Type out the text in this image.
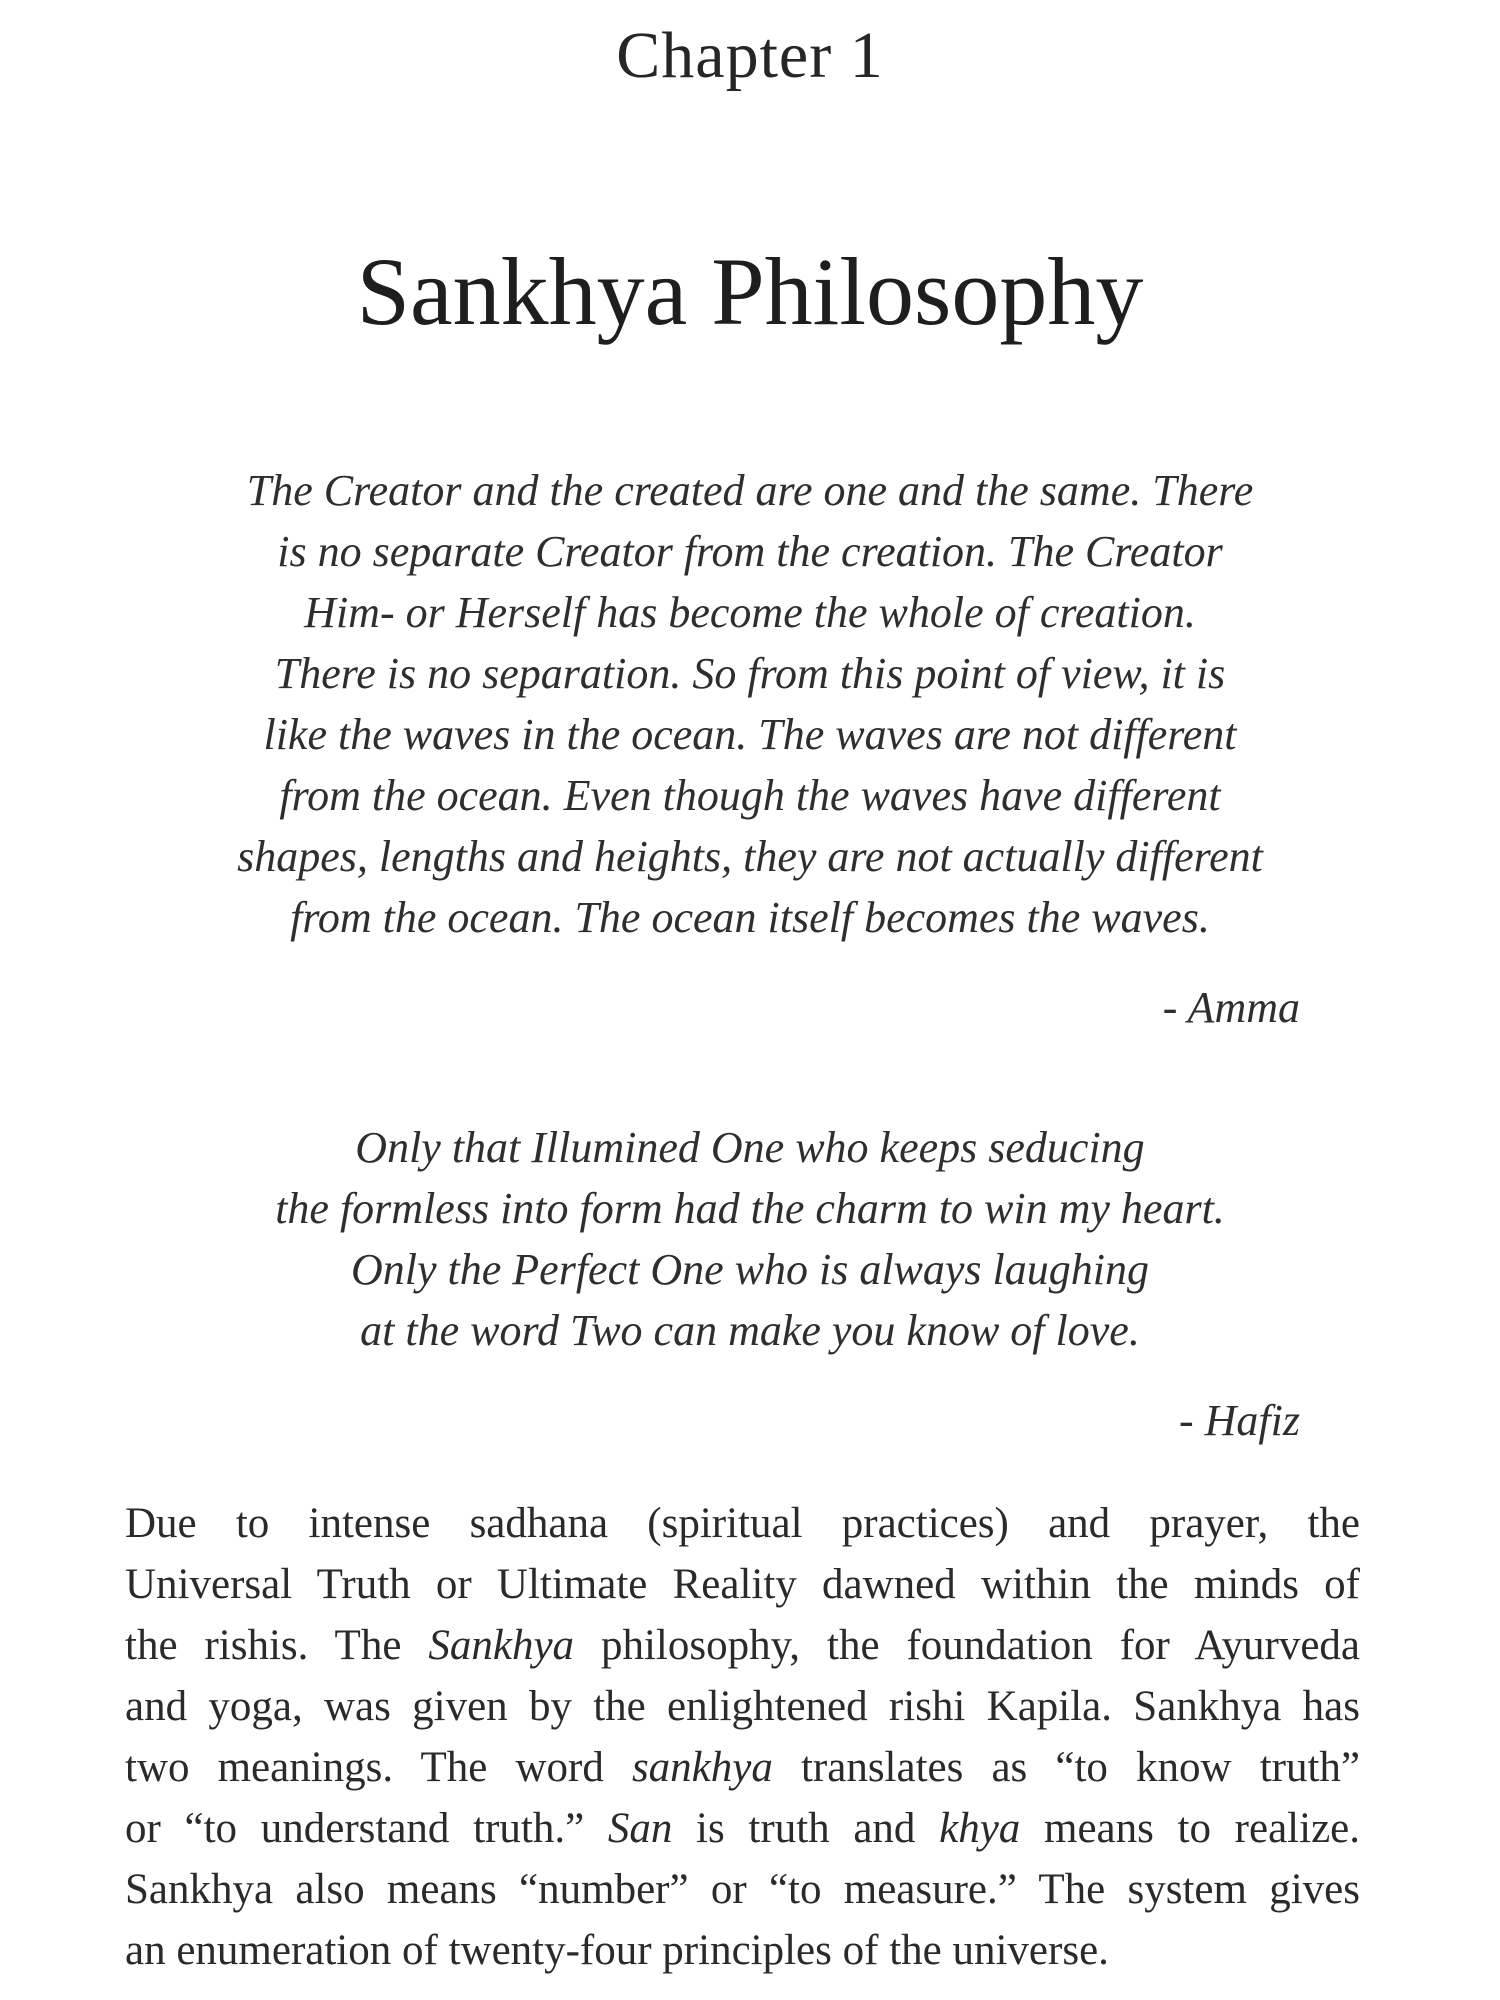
Chapter 1
Sankhya Philosophy
The Creator and the created are one and the same. There
is no separate Creator from the creation. The Creator
Him- or Herself has become the whole of creation.
There is no separation. So from this point of view, it is
like the waves in the ocean. The waves are not different
from the ocean. Even though the waves have different
shapes, lengths and heights, they are not actually different
from the ocean. The ocean itself becomes the waves.
- Amma
Only that Illumined One who keeps seducing
the formless into form had the charm to win my heart.
Only the Perfect One who is always laughing
at the word Two can make you know of love.
- Hafiz
Due to intense sadhana (spiritual practices) and prayer, the
Universal Truth or Ultimate Reality dawned within the minds of
the rishis. The Sankhya philosophy, the foundation for Ayurveda
and yoga, was given by the enlightened rishi Kapila. Sankhya has
two meanings. The word sankhya translates as “to know truth”
or “to understand truth.” San is truth and khya means to realize.
Sankhya also means “number” or “to measure.” The system gives
an enumeration of twenty-four principles of the universe.
